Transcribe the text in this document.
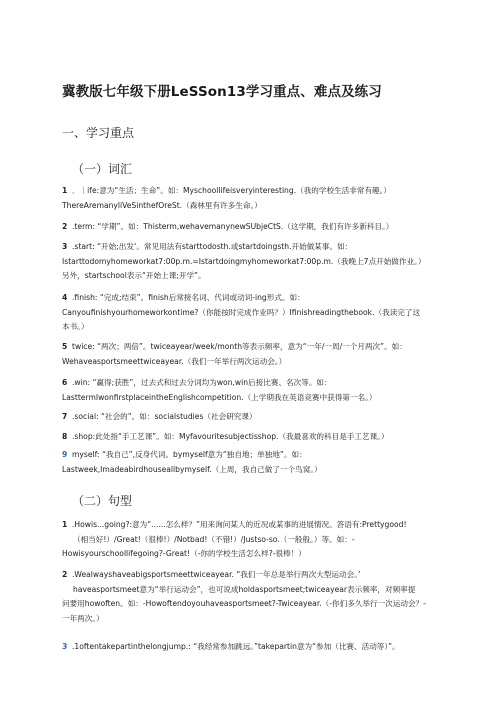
冀教版七年级下册LeSSon13学习重点、难点及练习
一、学习重点
（一）词汇
1 ．｜ife:意为“生活；生命”。如：Myschoollifeisveryinteresting.（我的学校生活非常有趣。）
ThereAremanyliVeSinthefOreSt.（森林里有许多生命。）
2 .term: “学期”。如：Thisterm,wehavemanynewSUbjeCtS.（这学期，我们有许多新科目。）
3 .start: “开始;出发‘。常见用法有starttodosth.或startdoingsth.开始做某事。如：
Istarttodomyhomeworkat7:00p.m.=Istartdoingmyhomeworkat7:00p.m.（我晚上7点开始做作业。）
另外，startschool表示“开始上课;开学”。
4 .finish: “完成;结束”。finish后常接名词、代词或动词-ing形式。如：
Canyoufinishyourhomeworkontime?（你能按时完成作业吗？）Ifinishreadingthebook.（我读完了这
本书。）
5 twice: “两次；两倍”。twiceayear/week/month等表示频率，意为“一年/一周/一个月两次”。如：
Wehaveasportsmeettwiceayear.（我们一年举行两次运动会。）
6 .win: “赢得;获胜”，过去式和过去分词均为won,win后接比赛、名次等。如：
LasttermIwonfirstplaceintheEnglishcompetition.（上学期我在英语竞赛中获得第一名。）
7 .social: “社会的”。如：socialstudies（社会研究课）
8 .shop:此处指“手工艺课”。如：Myfavouritesubjectisshop.（我最喜欢的科目是手工艺课。）
9 myself: “我自己”,反身代词。bymyself意为“独自地；单独地”。如：
Lastweek,Imadeabirdhouseallbymyself.（上周，我自己做了一个鸟窝。）
（二）句型
1 .Howis...going?:意为“......怎么样？”用来询问某人的近况或某事的进展情况。答语有:Prettygood!
（相当好!）/Great!（很棒!）/Notbad!（不错!）/Justso-so.（一般般。）等。如：-
Howisyourschoollifegoing?-Great!（-你的学校生活怎么样?-很棒！）
2 .Wealwayshaveabigsportsmeettwiceayear. “我们一年总是举行两次大型运动会。’
haveasportsmeet意为“举行运动会”，也可说成holdasportsmeet;twiceayear表示频率，对频率提
问要用howoften。如：-Howoftendoyouhaveasportsmeet?-Twiceayear.（-你们多久举行一次运动会？-
一年两次。）
3 .1oftentakepartinthelongjump.: “我经常参加跳远。”takepartin意为“参加（比赛、活动等）”。
